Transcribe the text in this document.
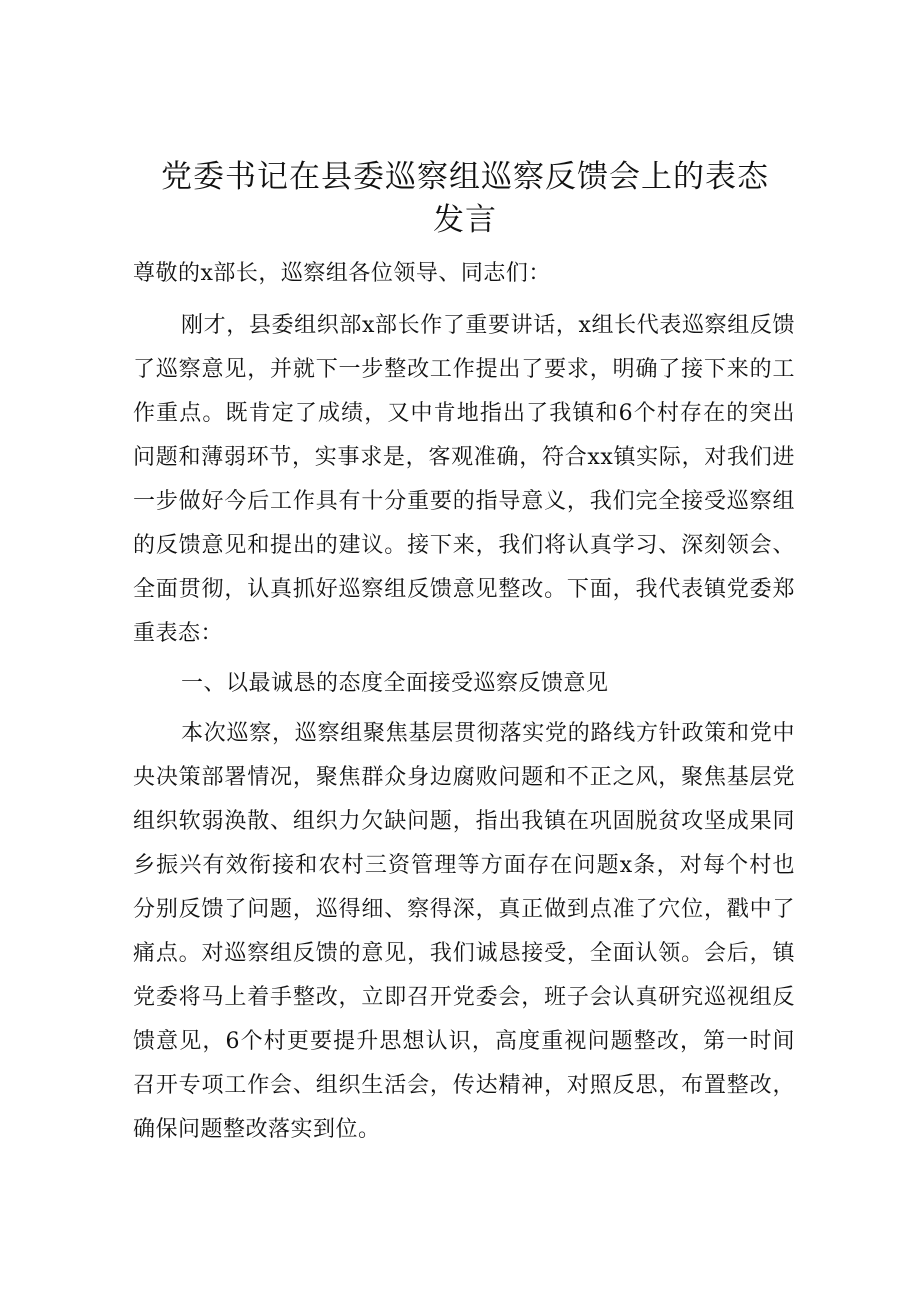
党委书记在县委巡察组巡察反馈会上的表态发言

尊敬的x部长，巡察组各位领导、同志们：

刚才，县委组织部x部长作了重要讲话，x组长代表巡察组反馈了巡察意见，并就下一步整改工作提出了要求，明确了接下来的工作重点。既肯定了成绩，又中肯地指出了我镇和6个村存在的突出问题和薄弱环节，实事求是，客观准确，符合xx镇实际，对我们进一步做好今后工作具有十分重要的指导意义，我们完全接受巡察组的反馈意见和提出的建议。接下来，我们将认真学习、深刻领会、全面贯彻，认真抓好巡察组反馈意见整改。下面，我代表镇党委郑重表态：

一、以最诚恳的态度全面接受巡察反馈意见

本次巡察，巡察组聚焦基层贯彻落实党的路线方针政策和党中央决策部署情况，聚焦群众身边腐败问题和不正之风，聚焦基层党组织软弱涣散、组织力欠缺问题，指出我镇在巩固脱贫攻坚成果同乡振兴有效衔接和农村三资管理等方面存在问题x条，对每个村也分别反馈了问题，巡得细、察得深，真正做到点准了穴位，戳中了痛点。对巡察组反馈的意见，我们诚恳接受，全面认领。会后，镇党委将马上着手整改，立即召开党委会，班子会认真研究巡视组反馈意见，6个村更要提升思想认识，高度重视问题整改，第一时间召开专项工作会、组织生活会，传达精神，对照反思，布置整改，确保问题整改落实到位。
